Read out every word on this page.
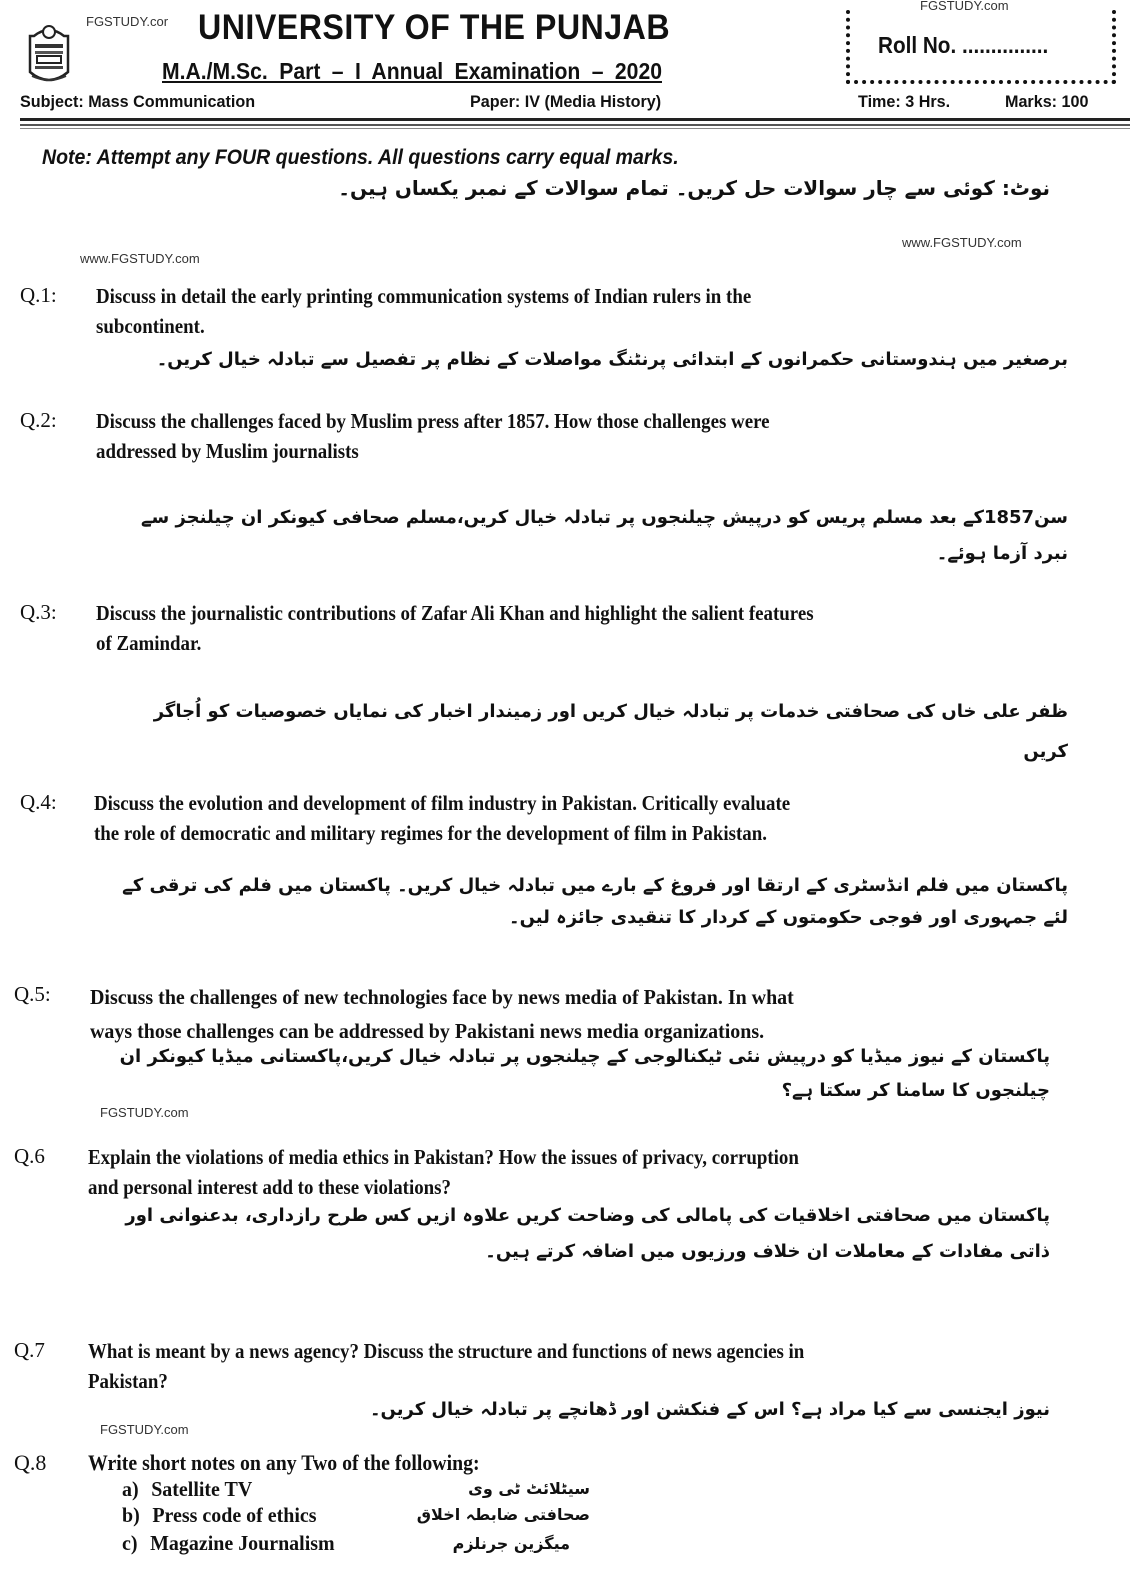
FGSTUDY.cor UNIVERSITY OF THE PUNJAB
M.A./M.Sc. Part – I Annual Examination – 2020
FGSTUDY.com
Roll No. ...............
Subject: Mass Communication	Paper: IV (Media History)	Time: 3 Hrs.	Marks: 100
Note: Attempt any FOUR questions. All questions carry equal marks.
نوٹ: کوئی سے چار سوالات حل کریں۔ تمام سوالات کے نمبر یکساں ہیں۔
www.FGSTUDY.com
www.FGSTUDY.com
Q.1: Discuss in detail the early printing communication systems of Indian rulers in the
subcontinent.
برصغیر میں ہندوستانی حکمرانوں کے ابتدائی پرنٹنگ مواصلات کے نظام پر تفصیل سے تبادلہ خیال کریں۔
Q.2: Discuss the challenges faced by Muslim press after 1857. How those challenges were
addressed by Muslim journalists
سن1857کے بعد مسلم پریس کو درپیش چیلنجوں پر تبادلہ خیال کریں،مسلم صحافی کیونکر ان چیلنجز سے
نبرد آزما ہوئے۔
Q.3: Discuss the journalistic contributions of Zafar Ali Khan and highlight the salient features
of Zamindar.
ظفر علی خاں کی صحافتی خدمات پر تبادلہ خیال کریں اور زمیندار اخبار کی نمایاں خصوصیات کو اُجاگر
کریں
Q.4: Discuss the evolution and development of film industry in Pakistan. Critically evaluate
the role of democratic and military regimes for the development of film in Pakistan.
پاکستان میں فلم انڈسٹری کے ارتقا اور فروغ کے بارے میں تبادلہ خیال کریں۔ پاکستان میں فلم کی ترقی کے
لئے جمہوری اور فوجی حکومتوں کے کردار کا تنقیدی جائزہ لیں۔
Q.5: Discuss the challenges of new technologies face by news media of Pakistan. In what
ways those challenges can be addressed by Pakistani news media organizations.
پاکستان کے نیوز میڈیا کو درپیش نئی ٹیکنالوجی کے چیلنجوں پر تبادلہ خیال کریں،پاکستانی میڈیا کیونکر ان
چیلنجوں کا سامنا کر سکتا ہے؟
FGSTUDY.com
Q.6 Explain the violations of media ethics in Pakistan? How the issues of privacy, corruption
and personal interest add to these violations?
پاکستان میں صحافتی اخلاقیات کی پامالی کی وضاحت کریں علاوہ ازیں کس طرح رازداری، بدعنوانی اور
ذاتی مفادات کے معاملات ان خلاف ورزیوں میں اضافہ کرتے ہیں۔
Q.7 What is meant by a news agency? Discuss the structure and functions of news agencies in
Pakistan?
نیوز ایجنسی سے کیا مراد ہے؟ اس کے فنکشن اور ڈھانچے پر تبادلہ خیال کریں۔
FGSTUDY.com
Q.8 Write short notes on any Two of the following:
a) Satellite TV	سیٹلائٹ ٹی وی
b) Press code of ethics	صحافتی ضابطہ اخلاق
c) Magazine Journalism	میگزین جرنلزم
